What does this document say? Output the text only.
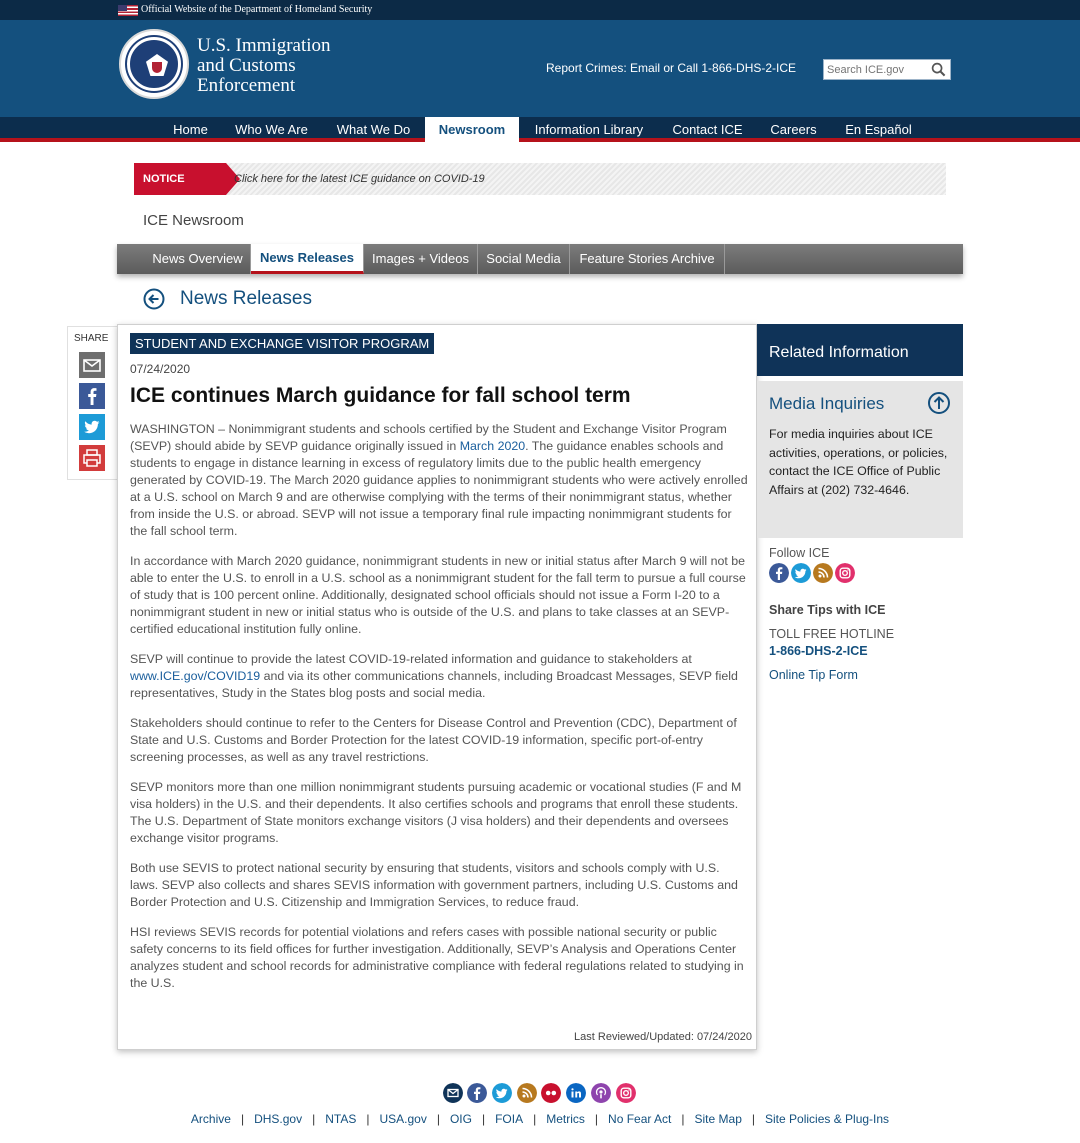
Official Website of the Department of Homeland Security
U.S. Immigration
and Customs
Enforcement
Report Crimes: Email or Call 1-866-DHS-2-ICE
Search ICE.gov
Home	Who We Are	What We Do	Newsroom	Information Library	Contact ICE	Careers	En Español
NOTICE	Click here for the latest ICE guidance on COVID-19
ICE Newsroom
News Overview	News Releases	Images + Videos	Social Media	Feature Stories Archive
News Releases
SHARE	STUDENT AND EXCHANGE VISITOR PROGRAM
07/24/2020
ICE continues March guidance for fall school term

WASHINGTON – Nonimmigrant students and schools certified by the Student and Exchange Visitor Program (SEVP) should abide by SEVP guidance originally issued in March 2020. The guidance enables schools and students to engage in distance learning in excess of regulatory limits due to the public health emergency generated by COVID-19. The March 2020 guidance applies to nonimmigrant students who were actively enrolled at a U.S. school on March 9 and are otherwise complying with the terms of their nonimmigrant status, whether from inside the U.S. or abroad. SEVP will not issue a temporary final rule impacting nonimmigrant students for the fall school term.

In accordance with March 2020 guidance, nonimmigrant students in new or initial status after March 9 will not be able to enter the U.S. to enroll in a U.S. school as a nonimmigrant student for the fall term to pursue a full course of study that is 100 percent online. Additionally, designated school officials should not issue a Form I-20 to a nonimmigrant student in new or initial status who is outside of the U.S. and plans to take classes at an SEVP-certified educational institution fully online.

SEVP will continue to provide the latest COVID-19-related information and guidance to stakeholders at www.ICE.gov/COVID19 and via its other communications channels, including Broadcast Messages, SEVP field representatives, Study in the States blog posts and social media.

Stakeholders should continue to refer to the Centers for Disease Control and Prevention (CDC), Department of State and U.S. Customs and Border Protection for the latest COVID-19 information, specific port-of-entry screening processes, as well as any travel restrictions.

SEVP monitors more than one million nonimmigrant students pursuing academic or vocational studies (F and M visa holders) in the U.S. and their dependents. It also certifies schools and programs that enroll these students. The U.S. Department of State monitors exchange visitors (J visa holders) and their dependents and oversees exchange visitor programs.

Both use SEVIS to protect national security by ensuring that students, visitors and schools comply with U.S. laws. SEVP also collects and shares SEVIS information with government partners, including U.S. Customs and Border Protection and U.S. Citizenship and Immigration Services, to reduce fraud.

HSI reviews SEVIS records for potential violations and refers cases with possible national security or public safety concerns to its field offices for further investigation. Additionally, SEVP’s Analysis and Operations Center analyzes student and school records for administrative compliance with federal regulations related to studying in the U.S.

Last Reviewed/Updated: 07/24/2020
Related Information
Media Inquiries
For media inquiries about ICE activities, operations, or policies, contact the ICE Office of Public Affairs at (202) 732-4646.
Follow ICE
Share Tips with ICE
TOLL FREE HOTLINE
1-866-DHS-2-ICE
Online Tip Form
Archive | DHS.gov | NTAS | USA.gov | OIG | FOIA | Metrics | No Fear Act | Site Map | Site Policies & Plug-Ins
